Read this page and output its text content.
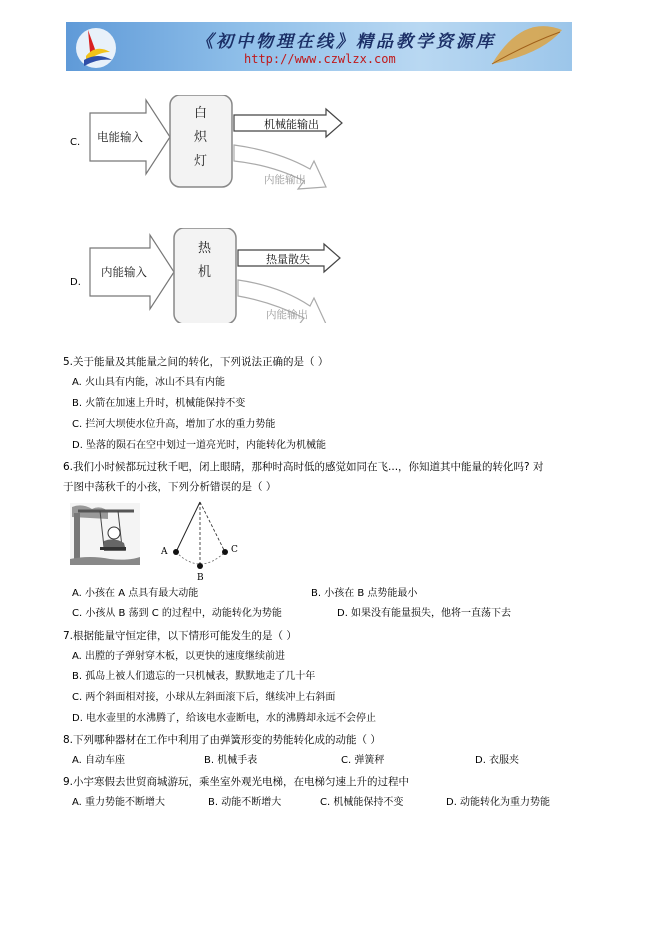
《初中物理在线》精品教学资源库
http://www.czwlzx.com
C. 电能输入
白
炽
灯
机械能输出
内能输出
D.
内能输入
热
机
热量散失
内能输出
5.关于能量及其能量之间的转化，下列说法正确的是（ ）
A. 火山具有内能，冰山不具有内能
B. 火箭在加速上升时，机械能保持不变
C. 拦河大坝使水位升高，增加了水的重力势能
D. 坠落的陨石在空中划过一道亮光时，内能转化为机械能
6.我们小时候都玩过秋千吧，闭上眼睛，那种时高时低的感觉如同在飞...，你知道其中能量的转化吗? 对
于图中荡秋千的小孩，下列分析错误的是（ ）
A
B
C
A. 小孩在 A 点具有最大动能	B. 小孩在 B 点势能最小
C. 小孩从 B 荡到 C 的过程中，动能转化为势能	D. 如果没有能量损失，他将一直荡下去
7.根据能量守恒定律，以下情形可能发生的是（ ）
A. 出膛的子弹射穿木板，以更快的速度继续前进
B. 孤岛上被人们遗忘的一只机械表，默默地走了几十年
C. 两个斜面相对接，小球从左斜面滚下后，继续冲上右斜面
D. 电水壶里的水沸腾了，给该电水壶断电，水的沸腾却永远不会停止
8.下列哪种器材在工作中利用了由弹簧形变的势能转化成的动能（ ）
A. 自动车座	B. 机械手表	C. 弹簧秤	D. 衣服夹
9.小宇寒假去世贸商城游玩，乘坐室外观光电梯，在电梯匀速上升的过程中
A. 重力势能不断增大	B. 动能不断增大	C. 机械能保持不变	D. 动能转化为重力势能
